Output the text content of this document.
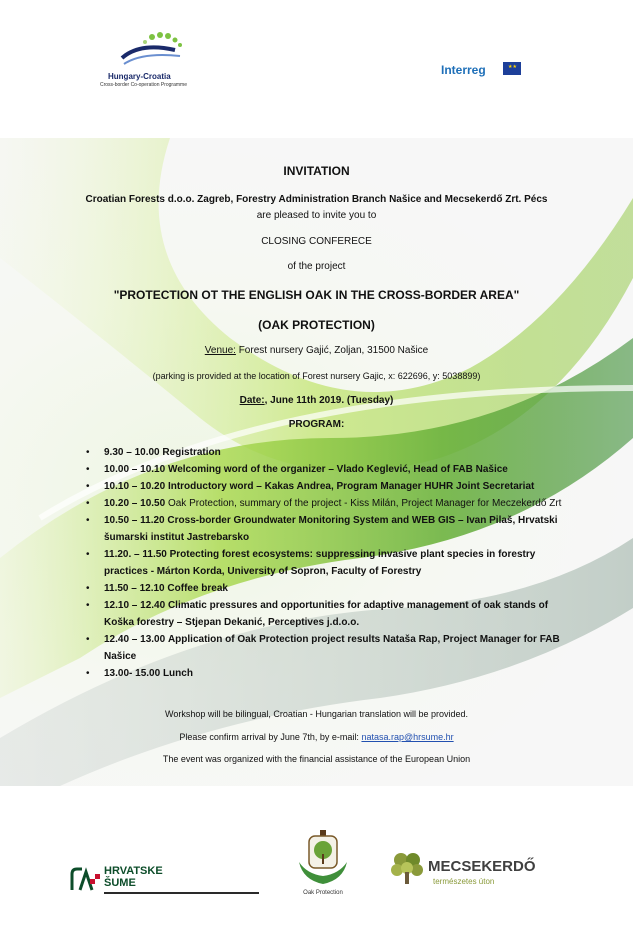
Hungary-Croatia
Cross-border Co-operation Programme
Interreg	★★
INVITATION
Croatian Forests d.o.o. Zagreb, Forestry Administration Branch Našice and Mecsekerdő Zrt. Pécs
are pleased to invite you to
CLOSING CONFERECE
of the project
"PROTECTION OT THE ENGLISH OAK IN THE CROSS-BORDER AREA"
(OAK PROTECTION)
Venue: Forest nursery Gajić, Zoljan, 31500 Našice
(parking is provided at the location of Forest nursery Gajic, x: 622696, y: 5038899)
Date:, June 11th 2019. (Tuesday)
PROGRAM:
• 9.30 – 10.00 Registration
• 10.00 – 10.10 Welcoming word of the organizer – Vlado Keglević, Head of FAB Našice
• 10.10 – 10.20 Introductory word – Kakas Andrea, Program Manager HUHR Joint Secretariat
• 10.20 – 10.50 Oak Protection, summary of the project - Kiss Milán, Project Manager for Meczekerdő Zrt
• 10.50 – 11.20 Cross-border Groundwater Monitoring System and WEB GIS – Ivan Pilaš, Hrvatski šumarski institut Jastrebarsko
• 11.20. – 11.50 Protecting forest ecosystems: suppressing invasive plant species in forestry practices - Márton Korda, University of Sopron, Faculty of Forestry
• 11.50 – 12.10 Coffee break
• 12.10 – 12.40 Climatic pressures and opportunities for adaptive management of oak stands of Koška forestry – Stjepan Dekanić, Perceptives j.d.o.o.
• 12.40 – 13.00 Application of Oak Protection project results Nataša Rap, Project Manager for FAB Našice
• 13.00- 15.00 Lunch
Workshop will be bilingual, Croatian - Hungarian translation will be provided.
Please confirm arrival by June 7th, by e-mail: natasa.rap@hrsume.hr
The event was organized with the financial assistance of the European Union
HRVATSKE
ŠUME
Oak Protection
MECSEKERDŐ
természetes úton
